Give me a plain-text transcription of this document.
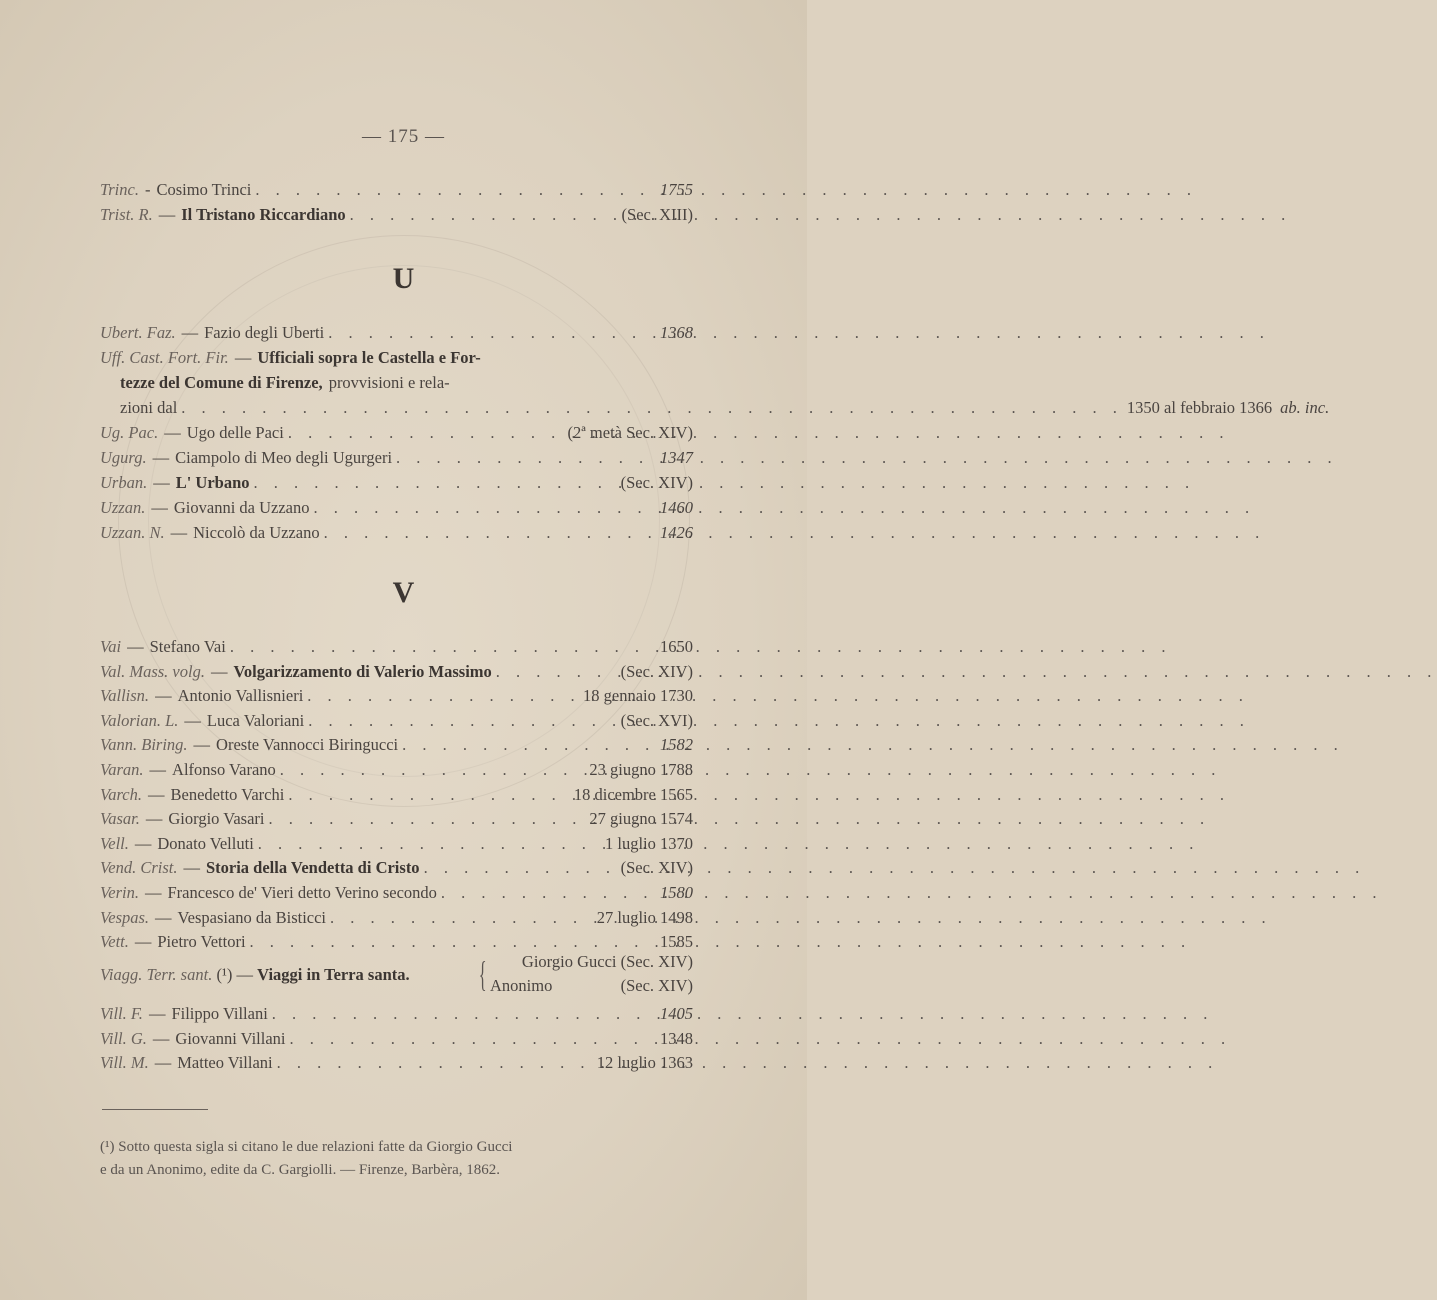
— 175 —
Trinc. - Cosimo Trinci . . .	1755
Trist. R. — Il Tristano Riccardiano . . .	(Sec. XIII)
U
Ubert. Faz. — Fazio degli Uberti . . .	1368
Uff. Cast. Fort. Fir. — Ufficiali sopra le Castella e For-
tezze del Comune di Firenze, provvisioni e rela-
zioni dal . . .	1350 al febbraio 1366 ab. inc.
Ug. Pac. — Ugo delle Paci . . .	(2ª metà Sec. XIV)
Ugurg. — Ciampolo di Meo degli Ugurgeri . . .	1347
Urban. — L' Urbano . . .	(Sec. XIV)
Uzzan. — Giovanni da Uzzano . . .	1460
Uzzan. N. — Niccolò da Uzzano . . .	1426
V
Vai — Stefano Vai . . .	1650
Val. Mass. volg. — Volgarizzamento di Valerio Massimo . . .	(Sec. XIV)
Vallisn. — Antonio Vallisnieri . . .	18 gennaio 1730
Valorian. L. — Luca Valoriani . . .	(Sec. XVI)
Vann. Biring. — Oreste Vannocci Biringucci . . .	1582
Varan. — Alfonso Varano . . .	23 giugno 1788
Varch. — Benedetto Varchi . . .	18 dicembre 1565
Vasar. — Giorgio Vasari . . .	27 giugno 1574
Vell. — Donato Velluti . . .	1 luglio 1370
Vend. Crist. — Storia della Vendetta di Cristo . . .	(Sec. XIV)
Verin. — Francesco de' Vieri detto Verino secondo . . .	1580
Vespas. — Vespasiano da Bisticci . . .	27 luglio 1498
Vett. — Pietro Vettori . . .	1585
Viagg. Terr. sant. (¹) — Viaggi in Terra santa. { Giorgio Gucci (Sec. XIV)
Anonimo	(Sec. XIV)
Vill. F. — Filippo Villani . . .	1405
Vill. G. — Giovanni Villani . . .	1348
Vill. M. — Matteo Villani . . .	12 luglio 1363
(¹) Sotto questa sigla si citano le due relazioni fatte da Giorgio Gucci
e da un Anonimo, edite da C. Gargiolli. — Firenze, Barbèra, 1862.
